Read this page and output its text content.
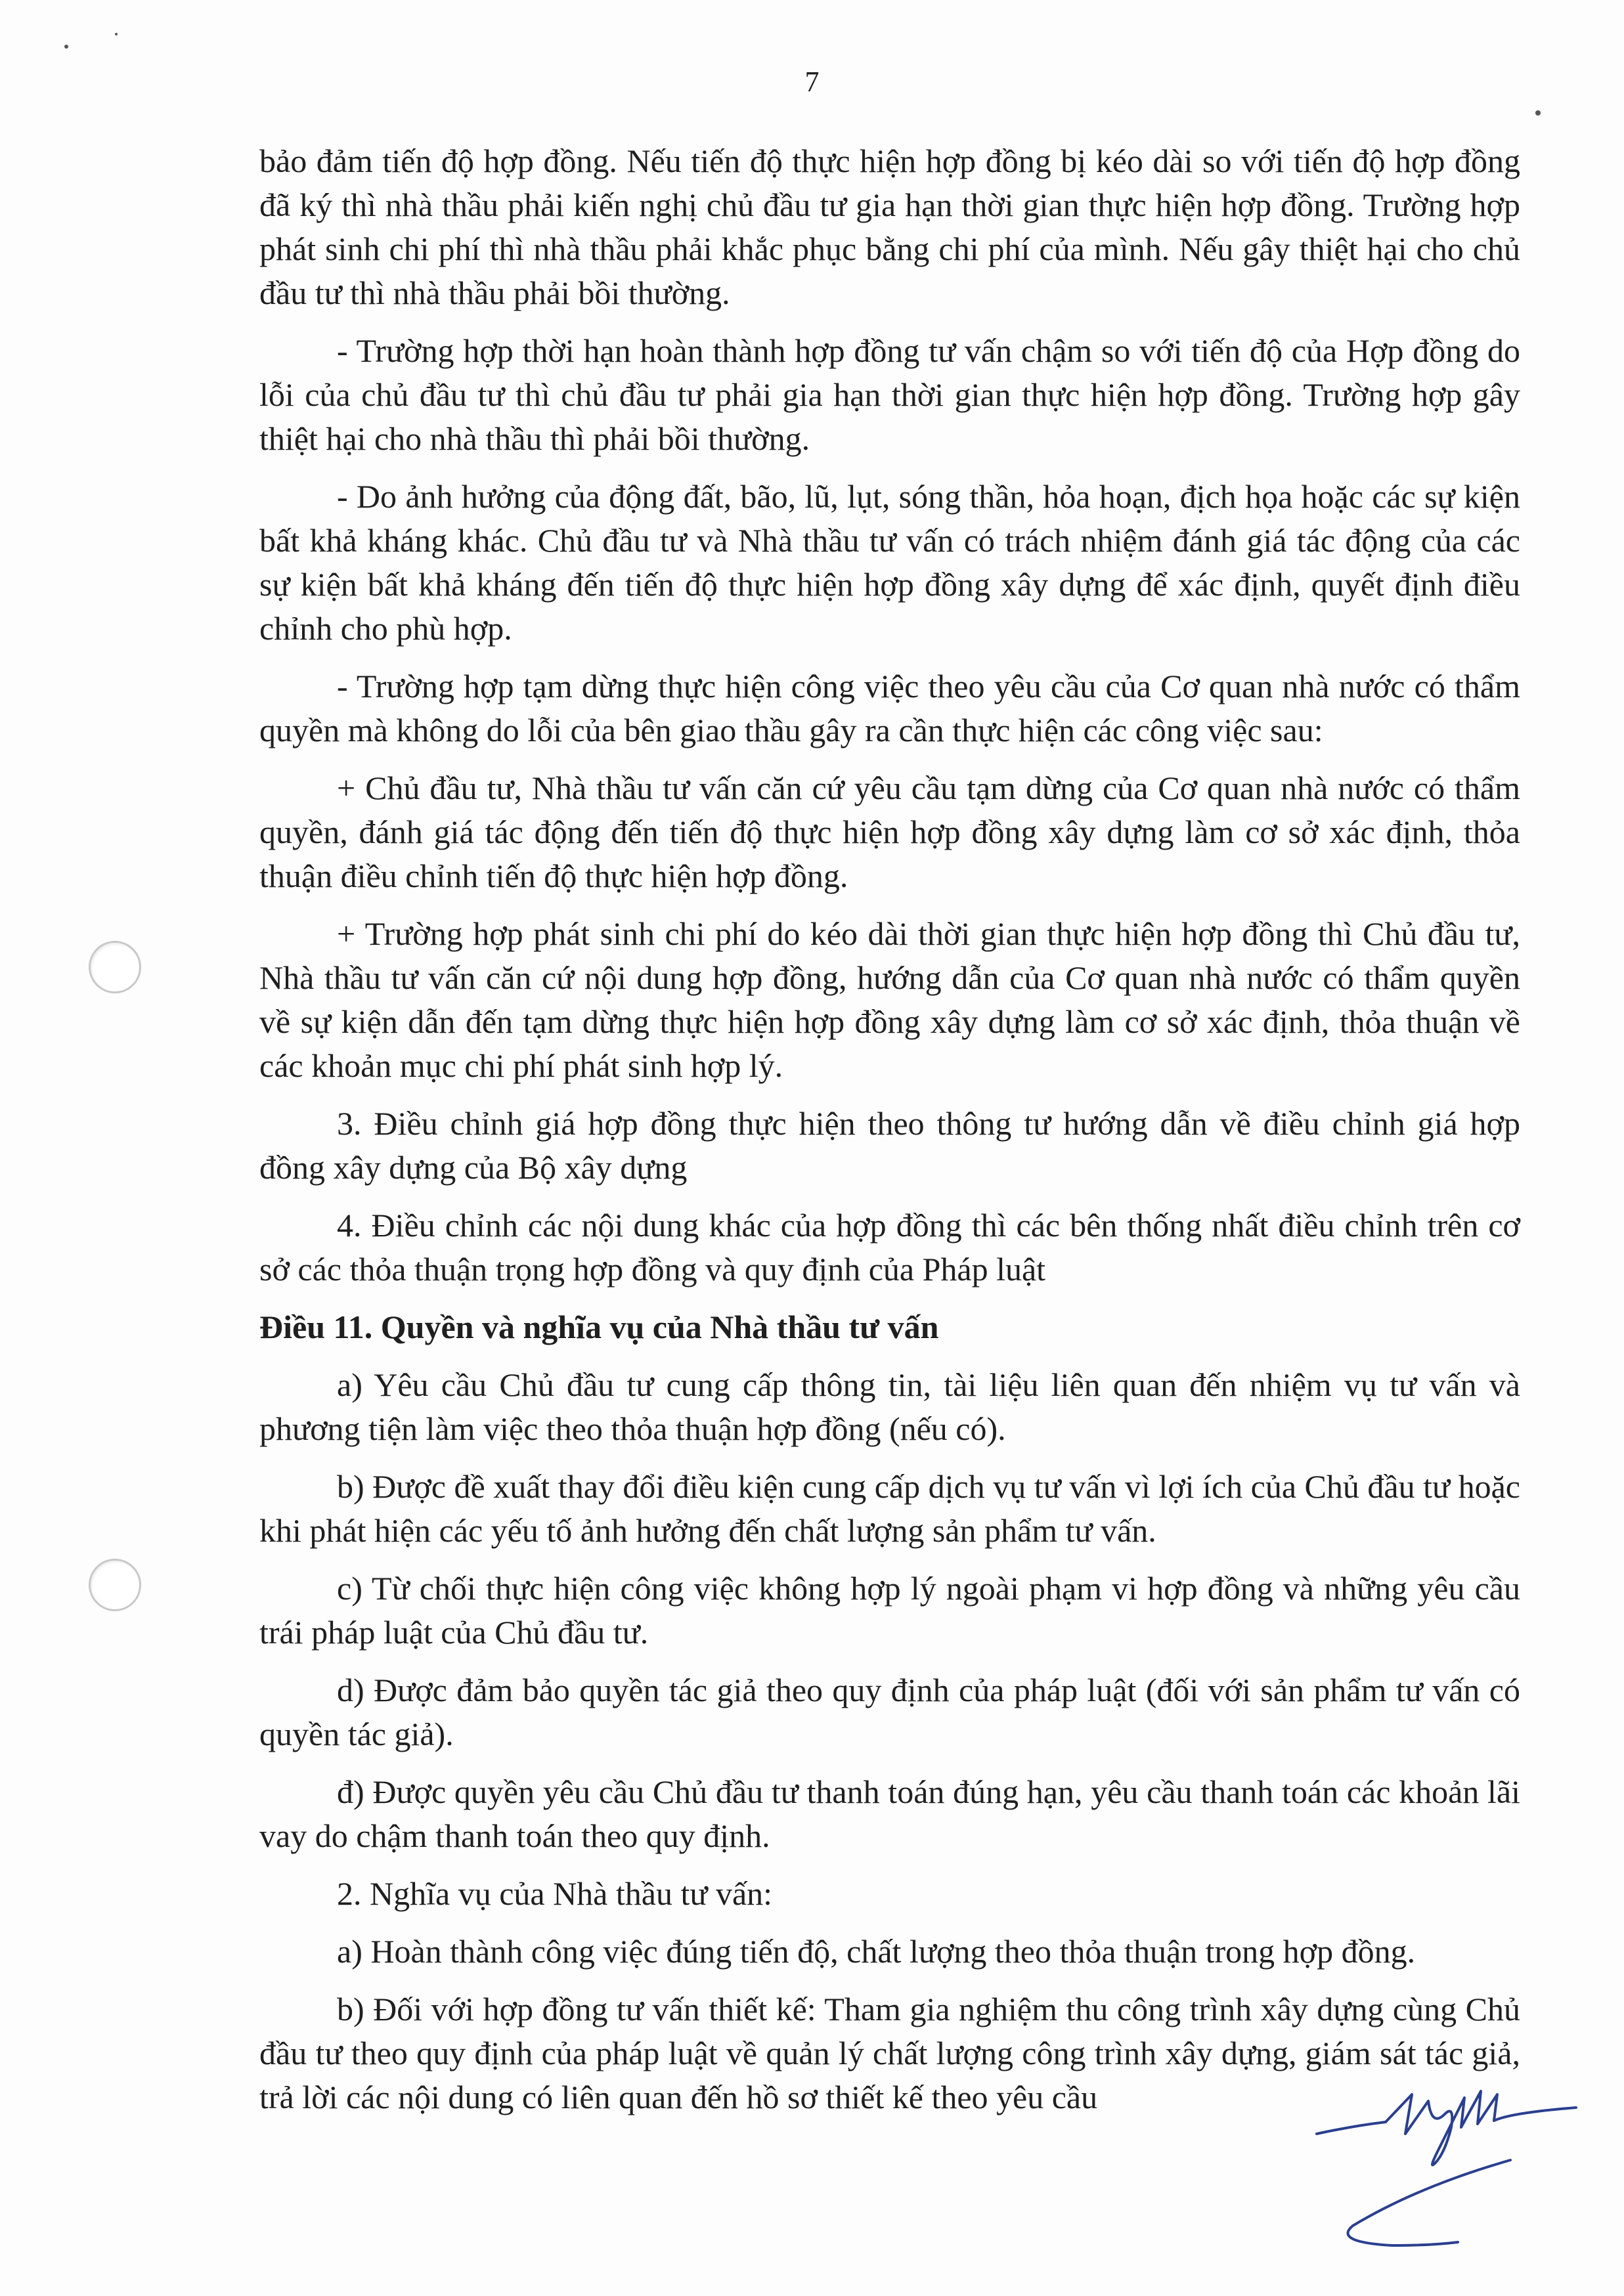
7

bảo đảm tiến độ hợp đồng. Nếu tiến độ thực hiện hợp đồng bị kéo dài so với tiến độ hợp đồng đã ký thì nhà thầu phải kiến nghị chủ đầu tư gia hạn thời gian thực hiện hợp đồng. Trường hợp phát sinh chi phí thì nhà thầu phải khắc phục bằng chi phí của mình. Nếu gây thiệt hại cho chủ đầu tư thì nhà thầu phải bồi thường.

- Trường hợp thời hạn hoàn thành hợp đồng tư vấn chậm so với tiến độ của Hợp đồng do lỗi của chủ đầu tư thì chủ đầu tư phải gia hạn thời gian thực hiện hợp đồng. Trường hợp gây thiệt hại cho nhà thầu thì phải bồi thường.

- Do ảnh hưởng của động đất, bão, lũ, lụt, sóng thần, hỏa hoạn, địch họa hoặc các sự kiện bất khả kháng khác. Chủ đầu tư và Nhà thầu tư vấn có trách nhiệm đánh giá tác động của các sự kiện bất khả kháng đến tiến độ thực hiện hợp đồng xây dựng để xác định, quyết định điều chỉnh cho phù hợp.

- Trường hợp tạm dừng thực hiện công việc theo yêu cầu của Cơ quan nhà nước có thẩm quyền mà không do lỗi của bên giao thầu gây ra cần thực hiện các công việc sau:

+ Chủ đầu tư, Nhà thầu tư vấn căn cứ yêu cầu tạm dừng của Cơ quan nhà nước có thẩm quyền, đánh giá tác động đến tiến độ thực hiện hợp đồng xây dựng làm cơ sở xác định, thỏa thuận điều chỉnh tiến độ thực hiện hợp đồng.

+ Trường hợp phát sinh chi phí do kéo dài thời gian thực hiện hợp đồng thì Chủ đầu tư, Nhà thầu tư vấn căn cứ nội dung hợp đồng, hướng dẫn của Cơ quan nhà nước có thẩm quyền về sự kiện dẫn đến tạm dừng thực hiện hợp đồng xây dựng làm cơ sở xác định, thỏa thuận về các khoản mục chi phí phát sinh hợp lý.

3. Điều chỉnh giá hợp đồng thực hiện theo thông tư hướng dẫn về điều chỉnh giá hợp đồng xây dựng của Bộ xây dựng

4. Điều chỉnh các nội dung khác của hợp đồng thì các bên thống nhất điều chỉnh trên cơ sở các thỏa thuận trọng hợp đồng và quy định của Pháp luật

Điều 11. Quyền và nghĩa vụ của Nhà thầu tư vấn

a) Yêu cầu Chủ đầu tư cung cấp thông tin, tài liệu liên quan đến nhiệm vụ tư vấn và phương tiện làm việc theo thỏa thuận hợp đồng (nếu có).

b) Được đề xuất thay đổi điều kiện cung cấp dịch vụ tư vấn vì lợi ích của Chủ đầu tư hoặc khi phát hiện các yếu tố ảnh hưởng đến chất lượng sản phẩm tư vấn.

c) Từ chối thực hiện công việc không hợp lý ngoài phạm vi hợp đồng và những yêu cầu trái pháp luật của Chủ đầu tư.

d) Được đảm bảo quyền tác giả theo quy định của pháp luật (đối với sản phẩm tư vấn có quyền tác giả).

đ) Được quyền yêu cầu Chủ đầu tư thanh toán đúng hạn, yêu cầu thanh toán các khoản lãi vay do chậm thanh toán theo quy định.

2. Nghĩa vụ của Nhà thầu tư vấn:

a) Hoàn thành công việc đúng tiến độ, chất lượng theo thỏa thuận trong hợp đồng.

b) Đối với hợp đồng tư vấn thiết kế: Tham gia nghiệm thu công trình xây dựng cùng Chủ đầu tư theo quy định của pháp luật về quản lý chất lượng công trình xây dựng, giám sát tác giả, trả lời các nội dung có liên quan đến hồ sơ thiết kế theo yêu cầu
